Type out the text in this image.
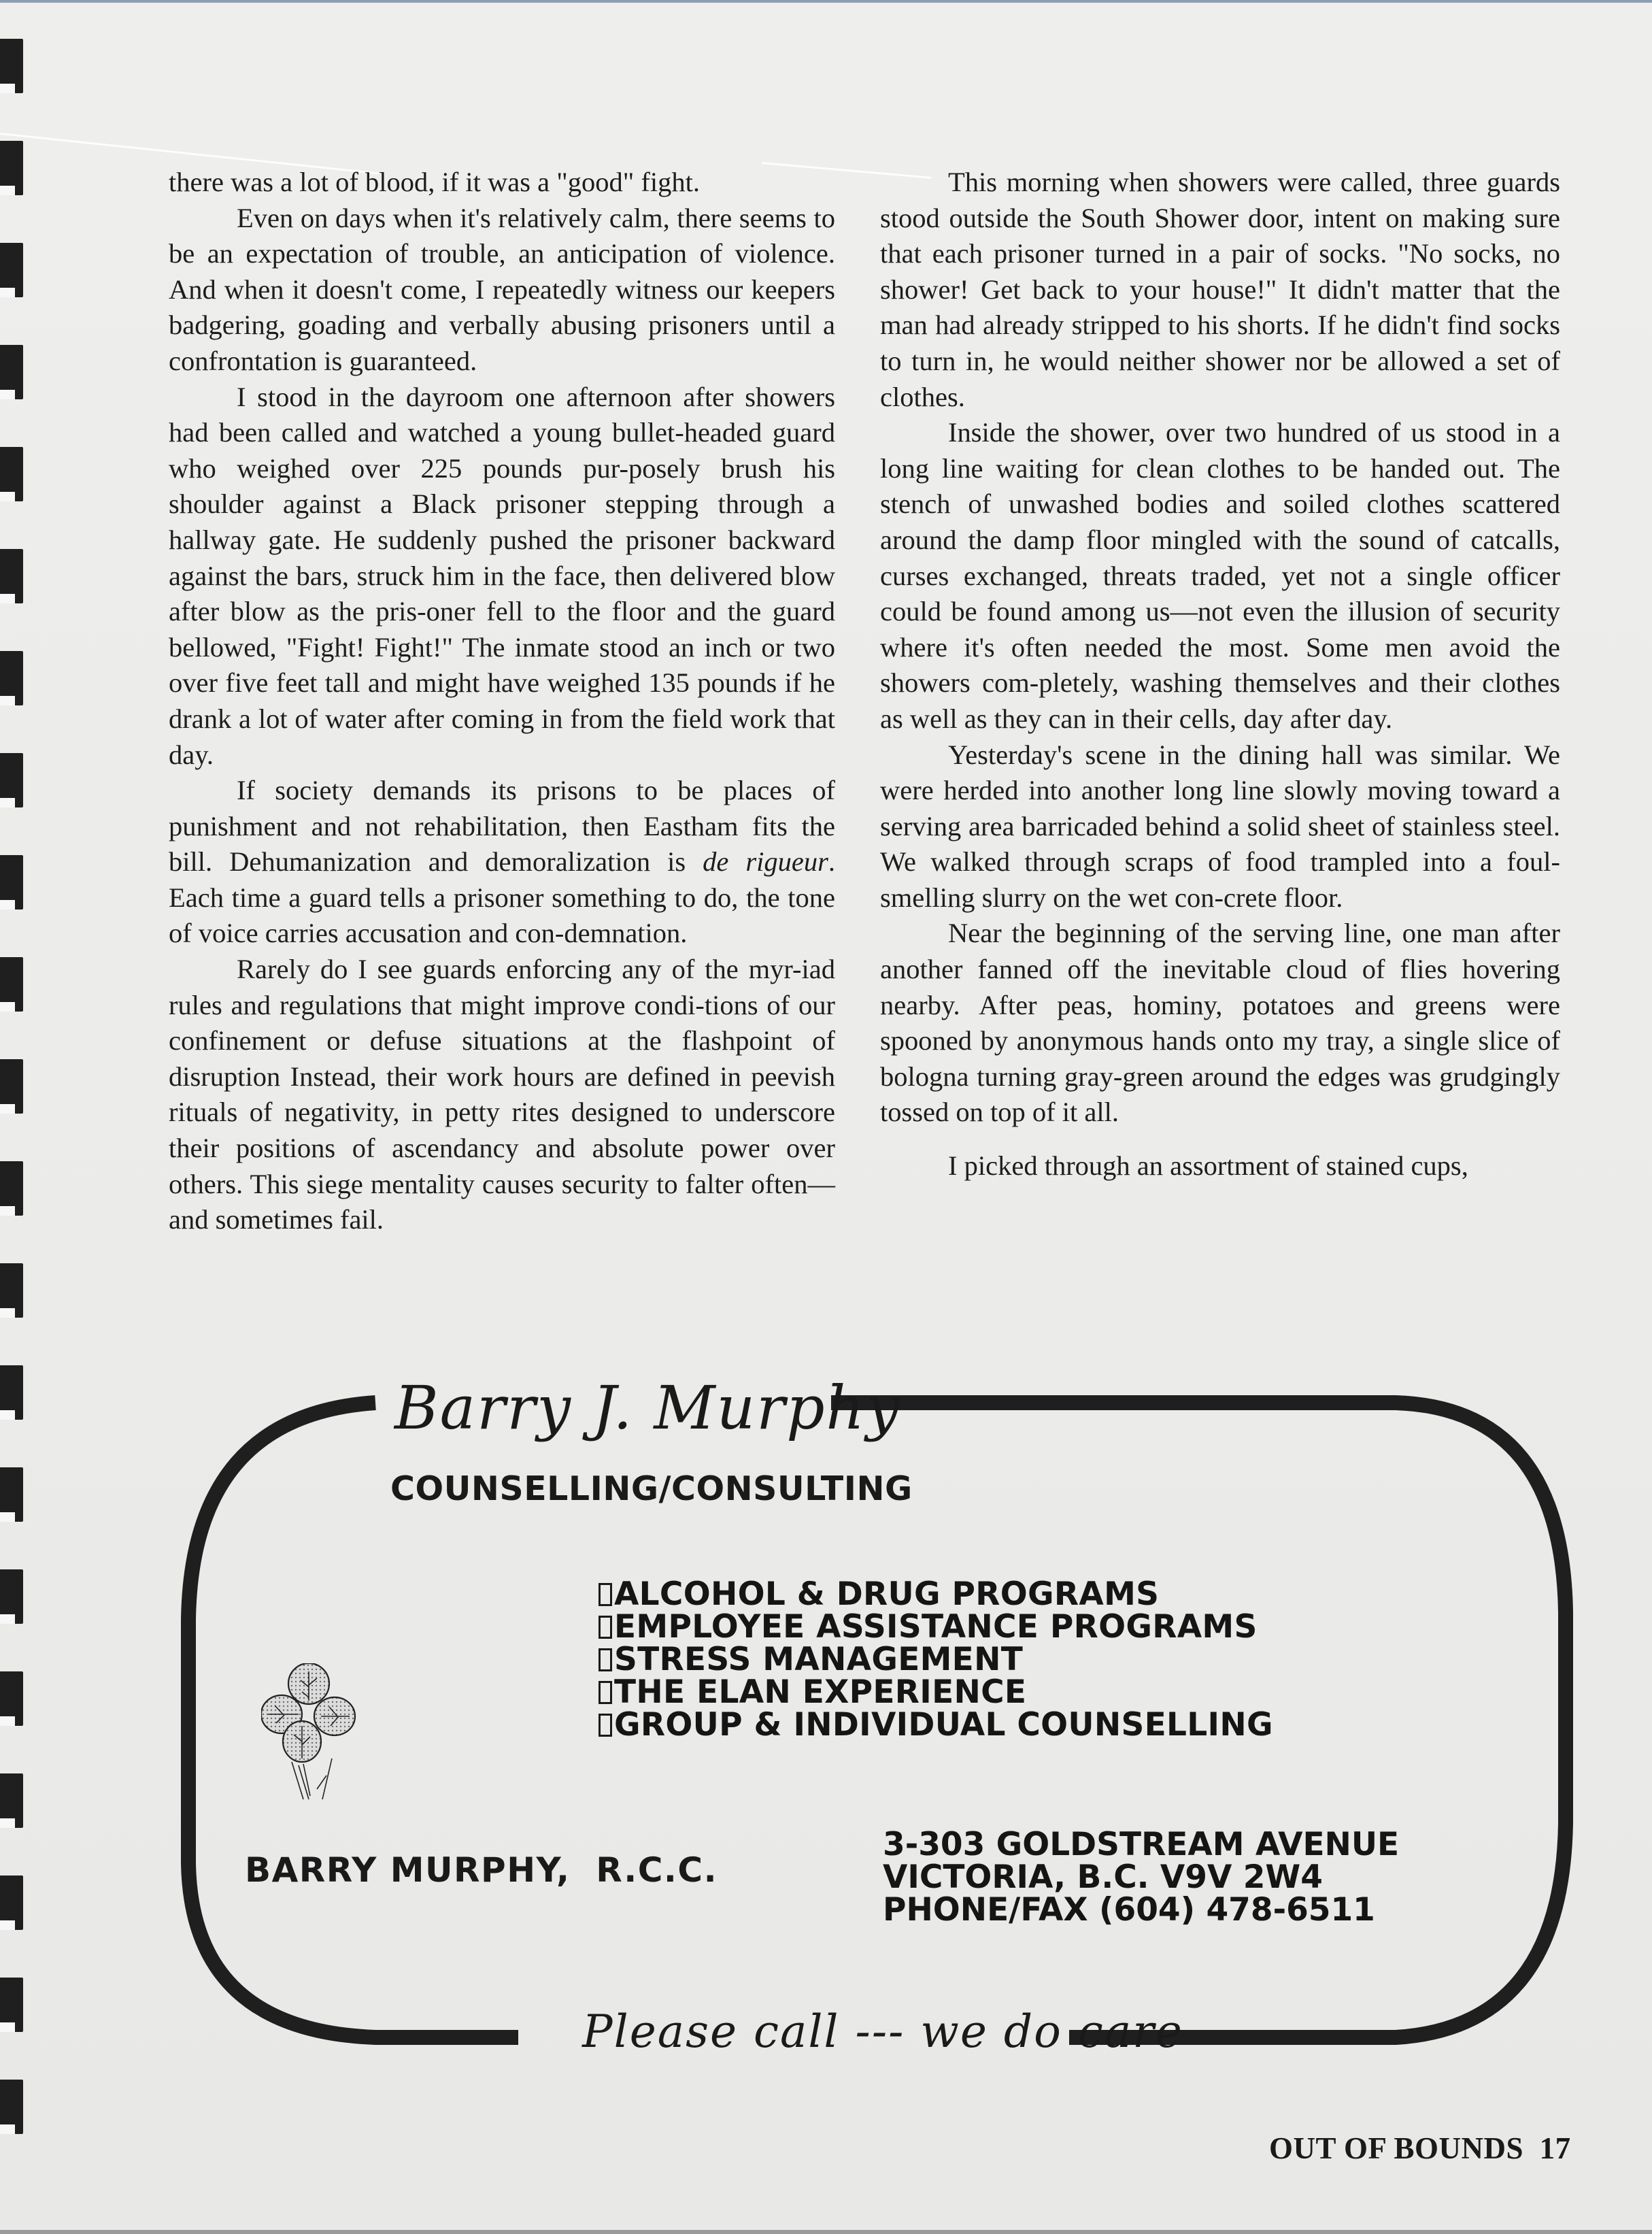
there was a lot of blood, if it was a "good" fight.

Even on days when it's relatively calm, there seems to be an expectation of trouble, an anticipation of violence. And when it doesn't come, I repeatedly witness our keepers badgering, goading and verbally abusing prisoners until a confrontation is guaranteed.

I stood in the dayroom one afternoon after showers had been called and watched a young bullet-headed guard who weighed over 225 pounds pur-posely brush his shoulder against a Black prisoner stepping through a hallway gate. He suddenly pushed the prisoner backward against the bars, struck him in the face, then delivered blow after blow as the pris-oner fell to the floor and the guard bellowed, "Fight! Fight!" The inmate stood an inch or two over five feet tall and might have weighed 135 pounds if he drank a lot of water after coming in from the field work that day.

If society demands its prisons to be places of punishment and not rehabilitation, then Eastham fits the bill. Dehumanization and demoralization is de rigueur. Each time a guard tells a prisoner something to do, the tone of voice carries accusation and con-demnation.

Rarely do I see guards enforcing any of the myr-iad rules and regulations that might improve condi-tions of our confinement or defuse situations at the flashpoint of disruption Instead, their work hours are defined in peevish rituals of negativity, in petty rites designed to underscore their positions of ascendancy and absolute power over others. This siege mentality causes security to falter often—and sometimes fail.

This morning when showers were called, three guards stood outside the South Shower door, intent on making sure that each prisoner turned in a pair of socks. "No socks, no shower! Get back to your house!" It didn't matter that the man had already stripped to his shorts. If he didn't find socks to turn in, he would neither shower nor be allowed a set of clothes.

Inside the shower, over two hundred of us stood in a long line waiting for clean clothes to be handed out. The stench of unwashed bodies and soiled clothes scattered around the damp floor mingled with the sound of catcalls, curses exchanged, threats traded, yet not a single officer could be found among us—not even the illusion of security where it's often needed the most. Some men avoid the showers com-pletely, washing themselves and their clothes as well as they can in their cells, day after day.

Yesterday's scene in the dining hall was similar. We were herded into another long line slowly moving toward a serving area barricaded behind a solid sheet of stainless steel. We walked through scraps of food trampled into a foul-smelling slurry on the wet con-crete floor.

Near the beginning of the serving line, one man after another fanned off the inevitable cloud of flies hovering nearby. After peas, hominy, potatoes and greens were spooned by anonymous hands onto my tray, a single slice of bologna turning gray-green around the edges was grudgingly tossed on top of it all.

I picked through an assortment of stained cups,

Barry J. Murphy
COUNSELLING/CONSULTING
ALCOHOL & DRUG PROGRAMS
EMPLOYEE ASSISTANCE PROGRAMS
STRESS MANAGEMENT
THE ELAN EXPERIENCE
GROUP & INDIVIDUAL COUNSELLING
BARRY MURPHY,  R.C.C.
3-303 GOLDSTREAM AVENUE
VICTORIA, B.C. V9V 2W4
PHONE/FAX (604) 478-6511
Please call --- we do care
OUT OF BOUNDS 17
